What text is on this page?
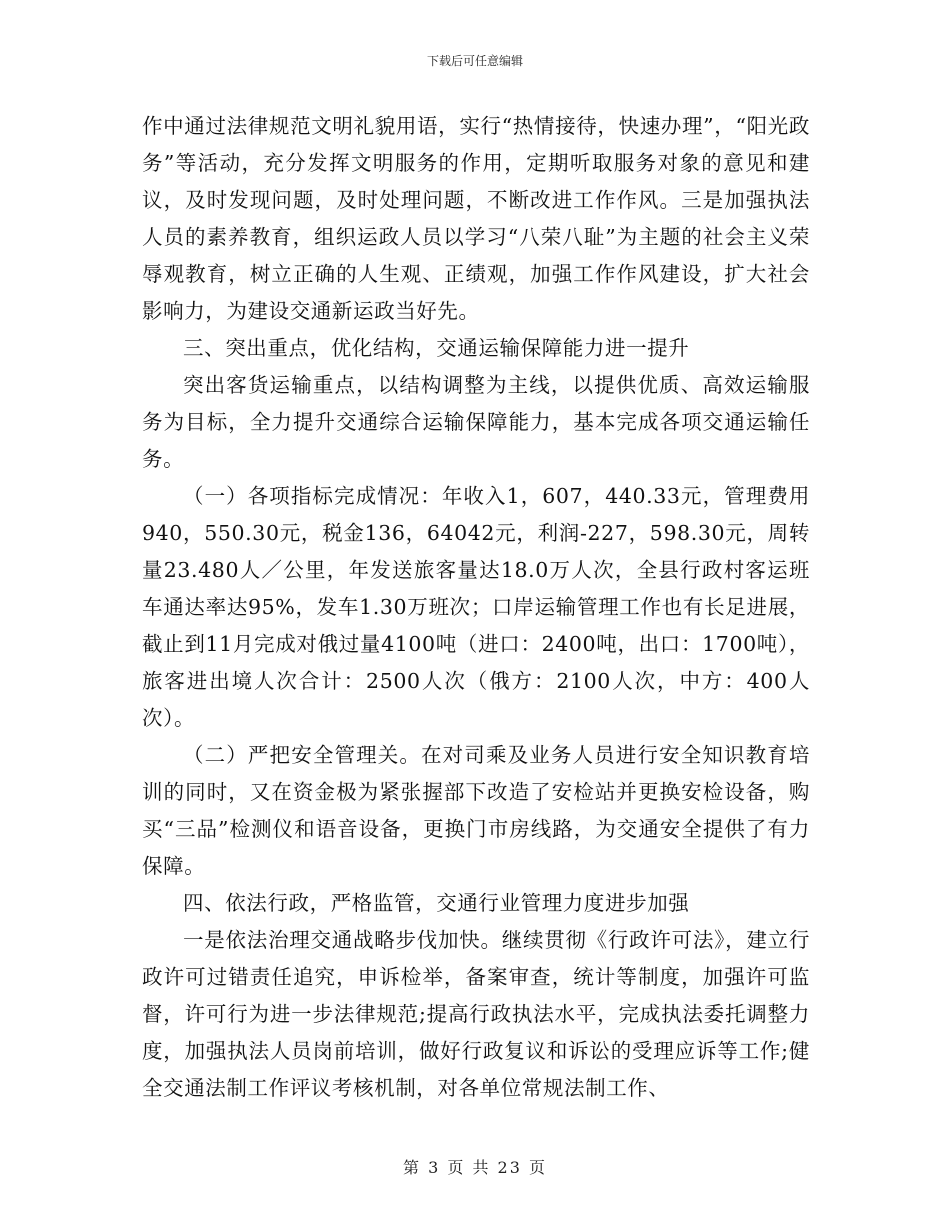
下载后可任意编辑

作中通过法律规范文明礼貌用语，实行“热情接待，快速办理”，“阳光政务”等活动，充分发挥文明服务的作用，定期听取服务对象的意见和建议，及时发现问题，及时处理问题，不断改进工作作风。三是加强执法人员的素养教育，组织运政人员以学习“八荣八耻”为主题的社会主义荣辱观教育，树立正确的人生观、正绩观，加强工作作风建设，扩大社会影响力，为建设交通新运政当好先。

三、突出重点，优化结构，交通运输保障能力进一提升

突出客货运输重点，以结构调整为主线，以提供优质、高效运输服务为目标，全力提升交通综合运输保障能力，基本完成各项交通运输任务。

（一）各项指标完成情况：年收入1，607，440.33元，管理费用940，550.30元，税金136，64042元，利润-227，598.30元，周转量23.480人／公里，年发送旅客量达18.0万人次，全县行政村客运班车通达率达95%，发车1.30万班次；口岸运输管理工作也有长足进展，截止到11月完成对俄过量4100吨（进口：2400吨，出口：1700吨），旅客进出境人次合计：2500人次（俄方：2100人次，中方：400人次）。

（二）严把安全管理关。在对司乘及业务人员进行安全知识教育培训的同时，又在资金极为紧张握部下改造了安检站并更换安检设备，购买“三品”检测仪和语音设备，更换门市房线路，为交通安全提供了有力保障。

四、依法行政，严格监管，交通行业管理力度进步加强

一是依法治理交通战略步伐加快。继续贯彻《行政许可法》，建立行政许可过错责任追究，申诉检举，备案审查，统计等制度，加强许可监督，许可行为进一步法律规范;提高行政执法水平，完成执法委托调整力度，加强执法人员岗前培训，做好行政复议和诉讼的受理应诉等工作;健全交通法制工作评议考核机制，对各单位常规法制工作、

第 3 页 共 23 页
